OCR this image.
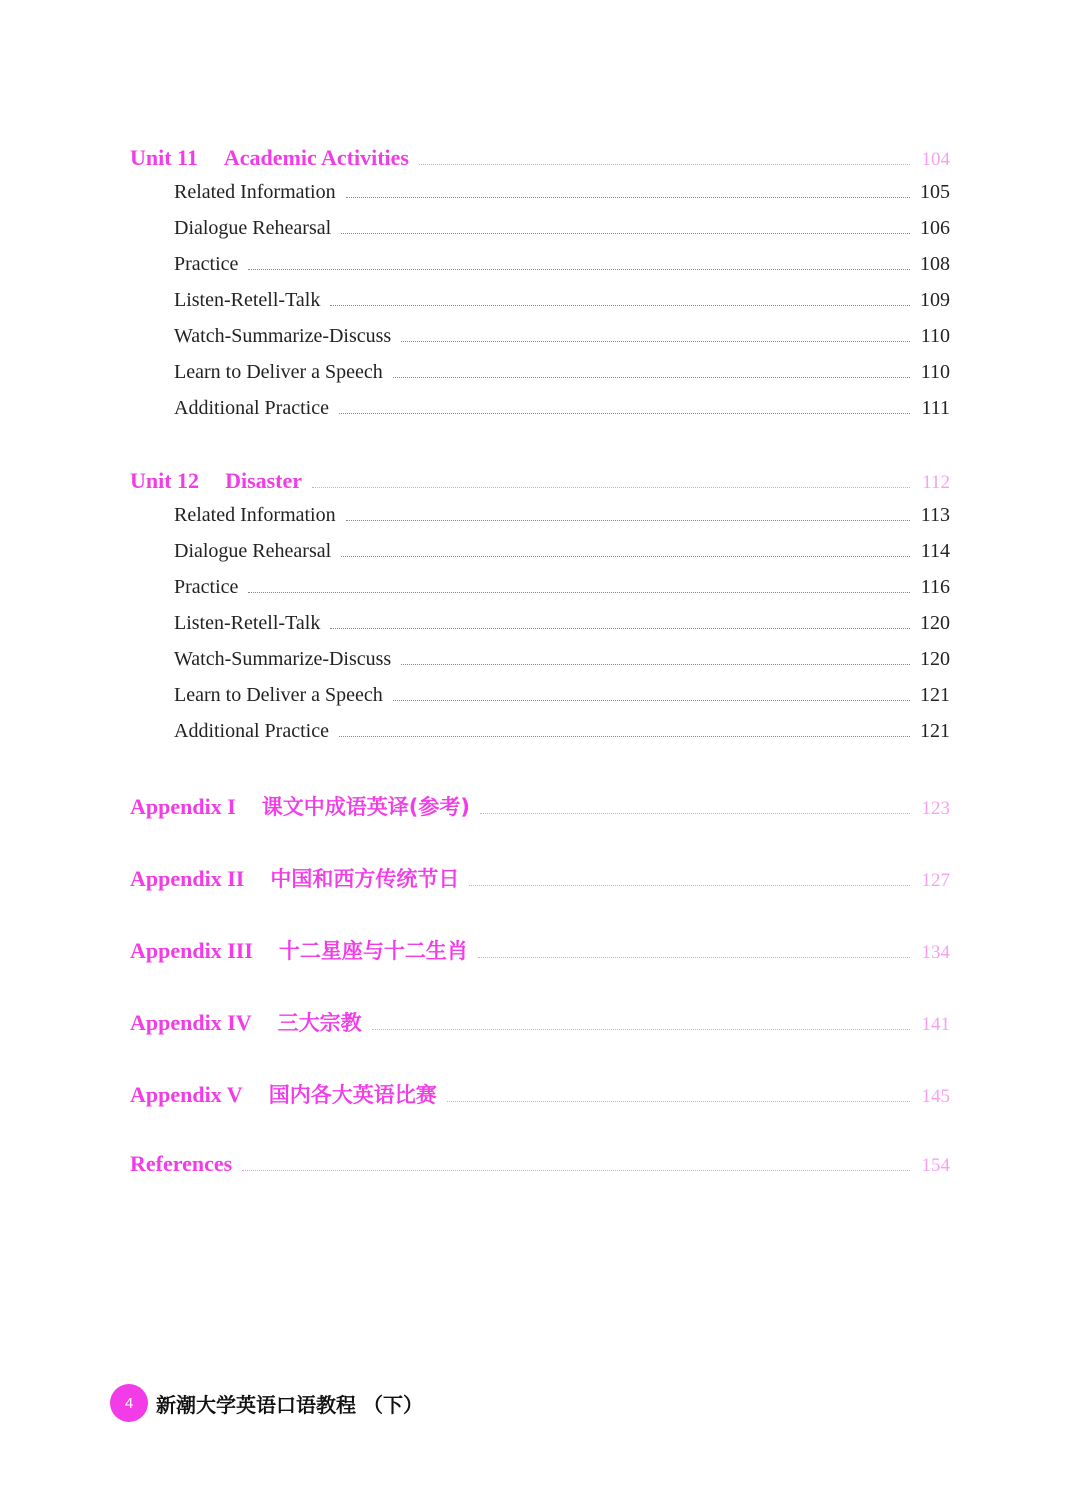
Unit 11 Academic Activities	104
Related Information	105
Dialogue Rehearsal	106
Practice	108
Listen-Retell-Talk	109
Watch-Summarize-Discuss	110
Learn to Deliver a Speech	110
Additional Practice	111
Unit 12 Disaster	112
Related Information	113
Dialogue Rehearsal	114
Practice	116
Listen-Retell-Talk	120
Watch-Summarize-Discuss	120
Learn to Deliver a Speech	121
Additional Practice	121
Appendix I 课文中成语英译(参考)	123
Appendix II 中国和西方传统节日	127
Appendix III 十二星座与十二生肖	134
Appendix IV 三大宗教	141
Appendix V 国内各大英语比赛	145
References	154
4	新潮大学英语口语教程 （下）
